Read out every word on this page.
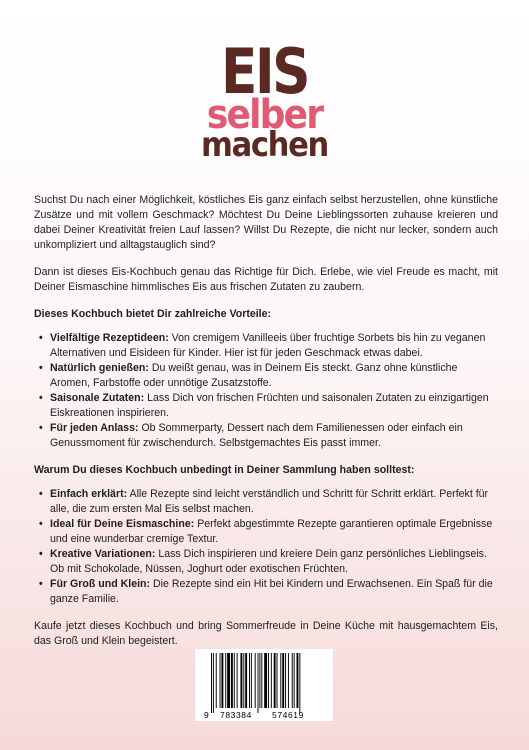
EIS
selber
machen

Suchst Du nach einer Möglichkeit, köstliches Eis ganz einfach selbst herzustellen, ohne künstliche Zusätze und mit vollem Geschmack? Möchtest Du Deine Lieblingssorten zuhause kreieren und dabei Deiner Kreativität freien Lauf lassen? Willst Du Rezepte, die nicht nur lecker, sondern auch unkompliziert und alltagstauglich sind?

Dann ist dieses Eis-Kochbuch genau das Richtige für Dich. Erlebe, wie viel Freude es macht, mit Deiner Eismaschine himmlisches Eis aus frischen Zutaten zu zaubern.

Dieses Kochbuch bietet Dir zahlreiche Vorteile:

• Vielfältige Rezeptideen: Von cremigem Vanilleeis über fruchtige Sorbets bis hin zu veganen Alternativen und Eisideen für Kinder. Hier ist für jeden Geschmack etwas dabei.
• Natürlich genießen: Du weißt genau, was in Deinem Eis steckt. Ganz ohne künstliche Aromen, Farbstoffe oder unnötige Zusatzstoffe.
• Saisonale Zutaten: Lass Dich von frischen Früchten und saisonalen Zutaten zu einzigartigen Eiskreationen inspirieren.
• Für jeden Anlass: Ob Sommerparty, Dessert nach dem Familienessen oder einfach ein Genussmoment für zwischendurch. Selbstgemachtes Eis passt immer.

Warum Du dieses Kochbuch unbedingt in Deiner Sammlung haben solltest:

• Einfach erklärt: Alle Rezepte sind leicht verständlich und Schritt für Schritt erklärt. Perfekt für alle, die zum ersten Mal Eis selbst machen.
• Ideal für Deine Eismaschine: Perfekt abgestimmte Rezepte garantieren optimale Ergebnisse und eine wunderbar cremige Textur.
• Kreative Variationen: Lass Dich inspirieren und kreiere Dein ganz persönliches Lieblingseis. Ob mit Schokolade, Nüssen, Joghurt oder exotischen Früchten.
• Für Groß und Klein: Die Rezepte sind ein Hit bei Kindern und Erwachsenen. Ein Spaß für die ganze Familie.

Kaufe jetzt dieses Kochbuch und bring Sommerfreude in Deine Küche mit hausgemachtem Eis, das Groß und Klein begeistert.

9 783384 574619
